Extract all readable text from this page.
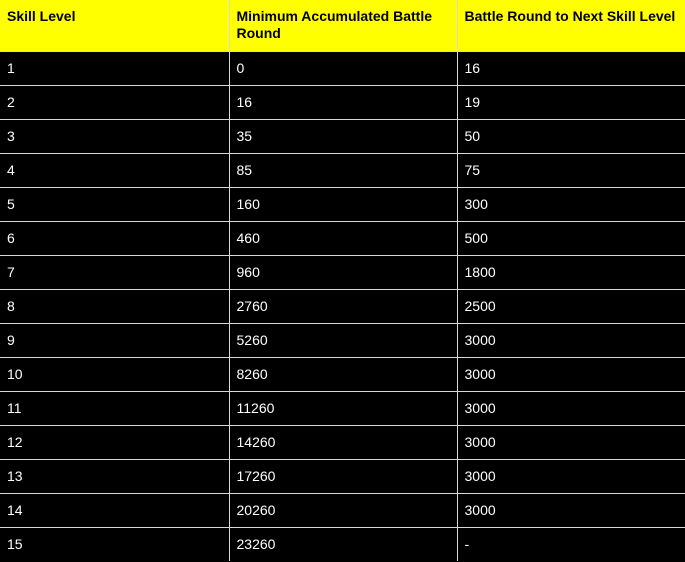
Skill Level	Minimum Accumulated Battle Round	Battle Round to Next Skill Level
1	0	16
2	16	19
3	35	50
4	85	75
5	160	300
6	460	500
7	960	1800
8	2760	2500
9	5260	3000
10	8260	3000
11	11260	3000
12	14260	3000
13	17260	3000
14	20260	3000
15	23260	-
